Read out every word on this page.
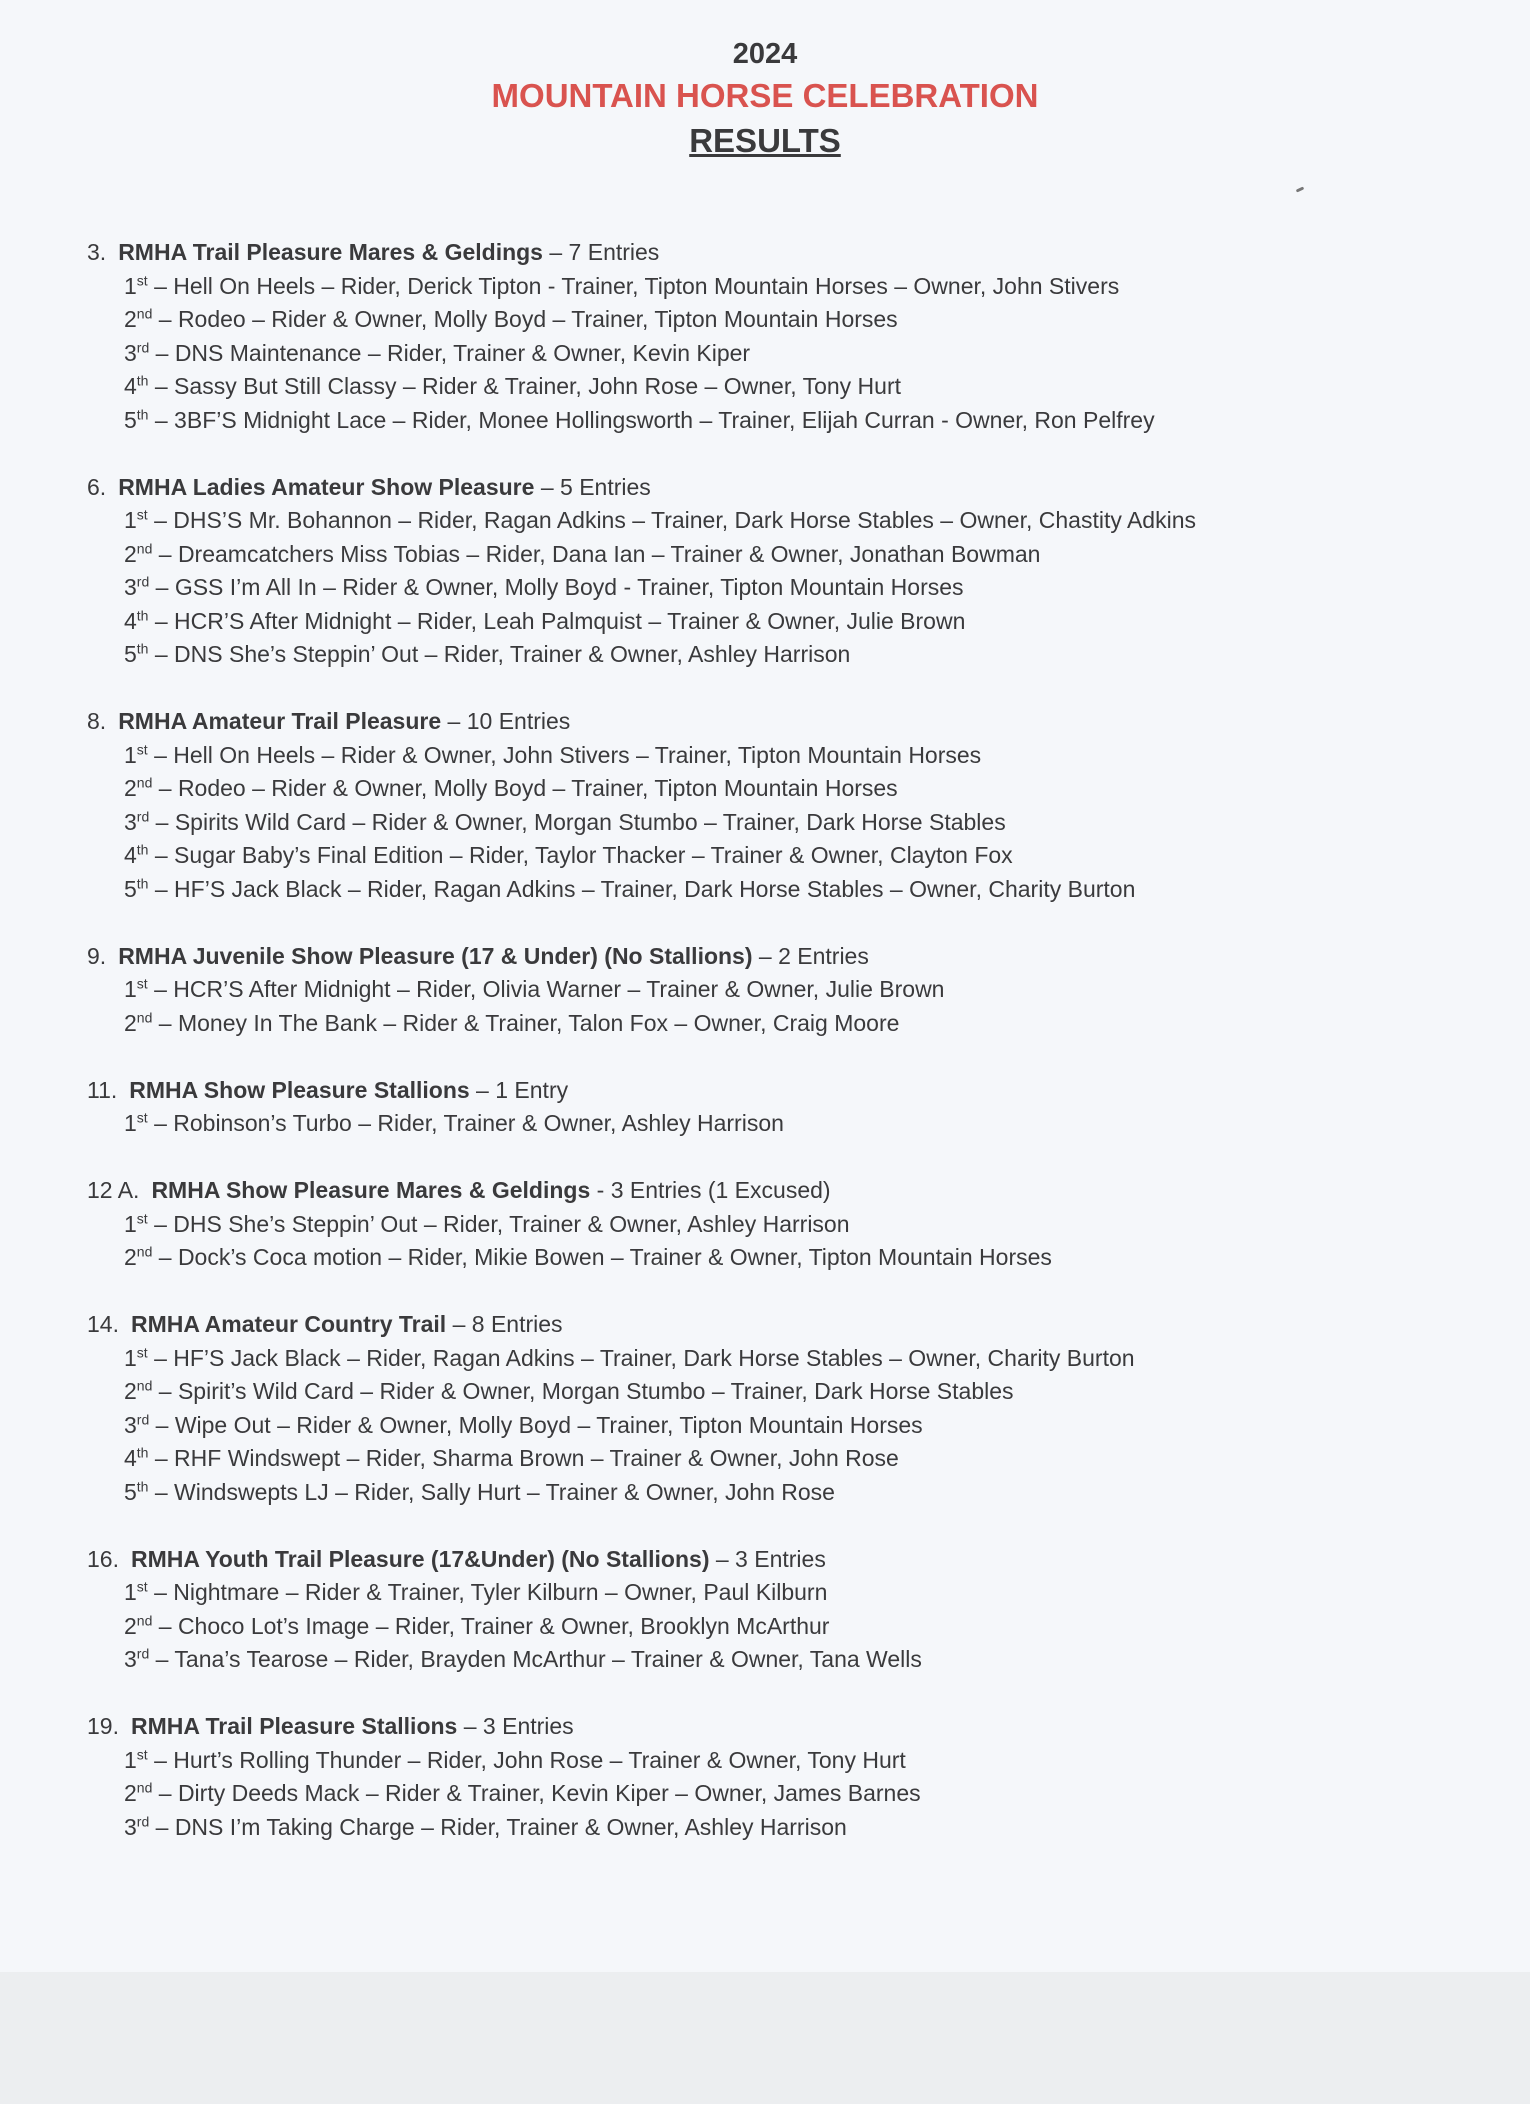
2024
MOUNTAIN HORSE CELEBRATION
RESULTS
3. RMHA Trail Pleasure Mares & Geldings – 7 Entries
1st – Hell On Heels – Rider, Derick Tipton - Trainer, Tipton Mountain Horses – Owner, John Stivers
2nd – Rodeo – Rider & Owner, Molly Boyd – Trainer, Tipton Mountain Horses
3rd – DNS Maintenance – Rider, Trainer & Owner, Kevin Kiper
4th – Sassy But Still Classy – Rider & Trainer, John Rose – Owner, Tony Hurt
5th – 3BF’S Midnight Lace – Rider, Monee Hollingsworth – Trainer, Elijah Curran - Owner, Ron Pelfrey
6. RMHA Ladies Amateur Show Pleasure – 5 Entries
1st – DHS’S Mr. Bohannon – Rider, Ragan Adkins – Trainer, Dark Horse Stables – Owner, Chastity Adkins
2nd – Dreamcatchers Miss Tobias – Rider, Dana Ian – Trainer & Owner, Jonathan Bowman
3rd – GSS I’m All In – Rider & Owner, Molly Boyd - Trainer, Tipton Mountain Horses
4th – HCR’S After Midnight – Rider, Leah Palmquist – Trainer & Owner, Julie Brown
5th – DNS She’s Steppin’ Out – Rider, Trainer & Owner, Ashley Harrison
8. RMHA Amateur Trail Pleasure – 10 Entries
1st – Hell On Heels – Rider & Owner, John Stivers – Trainer, Tipton Mountain Horses
2nd – Rodeo – Rider & Owner, Molly Boyd – Trainer, Tipton Mountain Horses
3rd – Spirits Wild Card – Rider & Owner, Morgan Stumbo – Trainer, Dark Horse Stables
4th – Sugar Baby’s Final Edition – Rider, Taylor Thacker – Trainer & Owner, Clayton Fox
5th – HF’S Jack Black – Rider, Ragan Adkins – Trainer, Dark Horse Stables – Owner, Charity Burton
9. RMHA Juvenile Show Pleasure (17 & Under) (No Stallions) – 2 Entries
1st – HCR’S After Midnight – Rider, Olivia Warner – Trainer & Owner, Julie Brown
2nd – Money In The Bank – Rider & Trainer, Talon Fox – Owner, Craig Moore
11. RMHA Show Pleasure Stallions – 1 Entry
1st – Robinson’s Turbo – Rider, Trainer & Owner, Ashley Harrison
12 A. RMHA Show Pleasure Mares & Geldings - 3 Entries (1 Excused)
1st – DHS She’s Steppin’ Out – Rider, Trainer & Owner, Ashley Harrison
2nd – Dock’s Coca motion – Rider, Mikie Bowen – Trainer & Owner, Tipton Mountain Horses
14. RMHA Amateur Country Trail – 8 Entries
1st – HF’S Jack Black – Rider, Ragan Adkins – Trainer, Dark Horse Stables – Owner, Charity Burton
2nd – Spirit’s Wild Card – Rider & Owner, Morgan Stumbo – Trainer, Dark Horse Stables
3rd – Wipe Out – Rider & Owner, Molly Boyd – Trainer, Tipton Mountain Horses
4th – RHF Windswept – Rider, Sharma Brown – Trainer & Owner, John Rose
5th – Windswepts LJ – Rider, Sally Hurt – Trainer & Owner, John Rose
16. RMHA Youth Trail Pleasure (17&Under) (No Stallions) – 3 Entries
1st – Nightmare – Rider & Trainer, Tyler Kilburn – Owner, Paul Kilburn
2nd – Choco Lot’s Image – Rider, Trainer & Owner, Brooklyn McArthur
3rd – Tana’s Tearose – Rider, Brayden McArthur – Trainer & Owner, Tana Wells
19. RMHA Trail Pleasure Stallions – 3 Entries
1st – Hurt’s Rolling Thunder – Rider, John Rose – Trainer & Owner, Tony Hurt
2nd – Dirty Deeds Mack – Rider & Trainer, Kevin Kiper – Owner, James Barnes
3rd – DNS I’m Taking Charge – Rider, Trainer & Owner, Ashley Harrison
